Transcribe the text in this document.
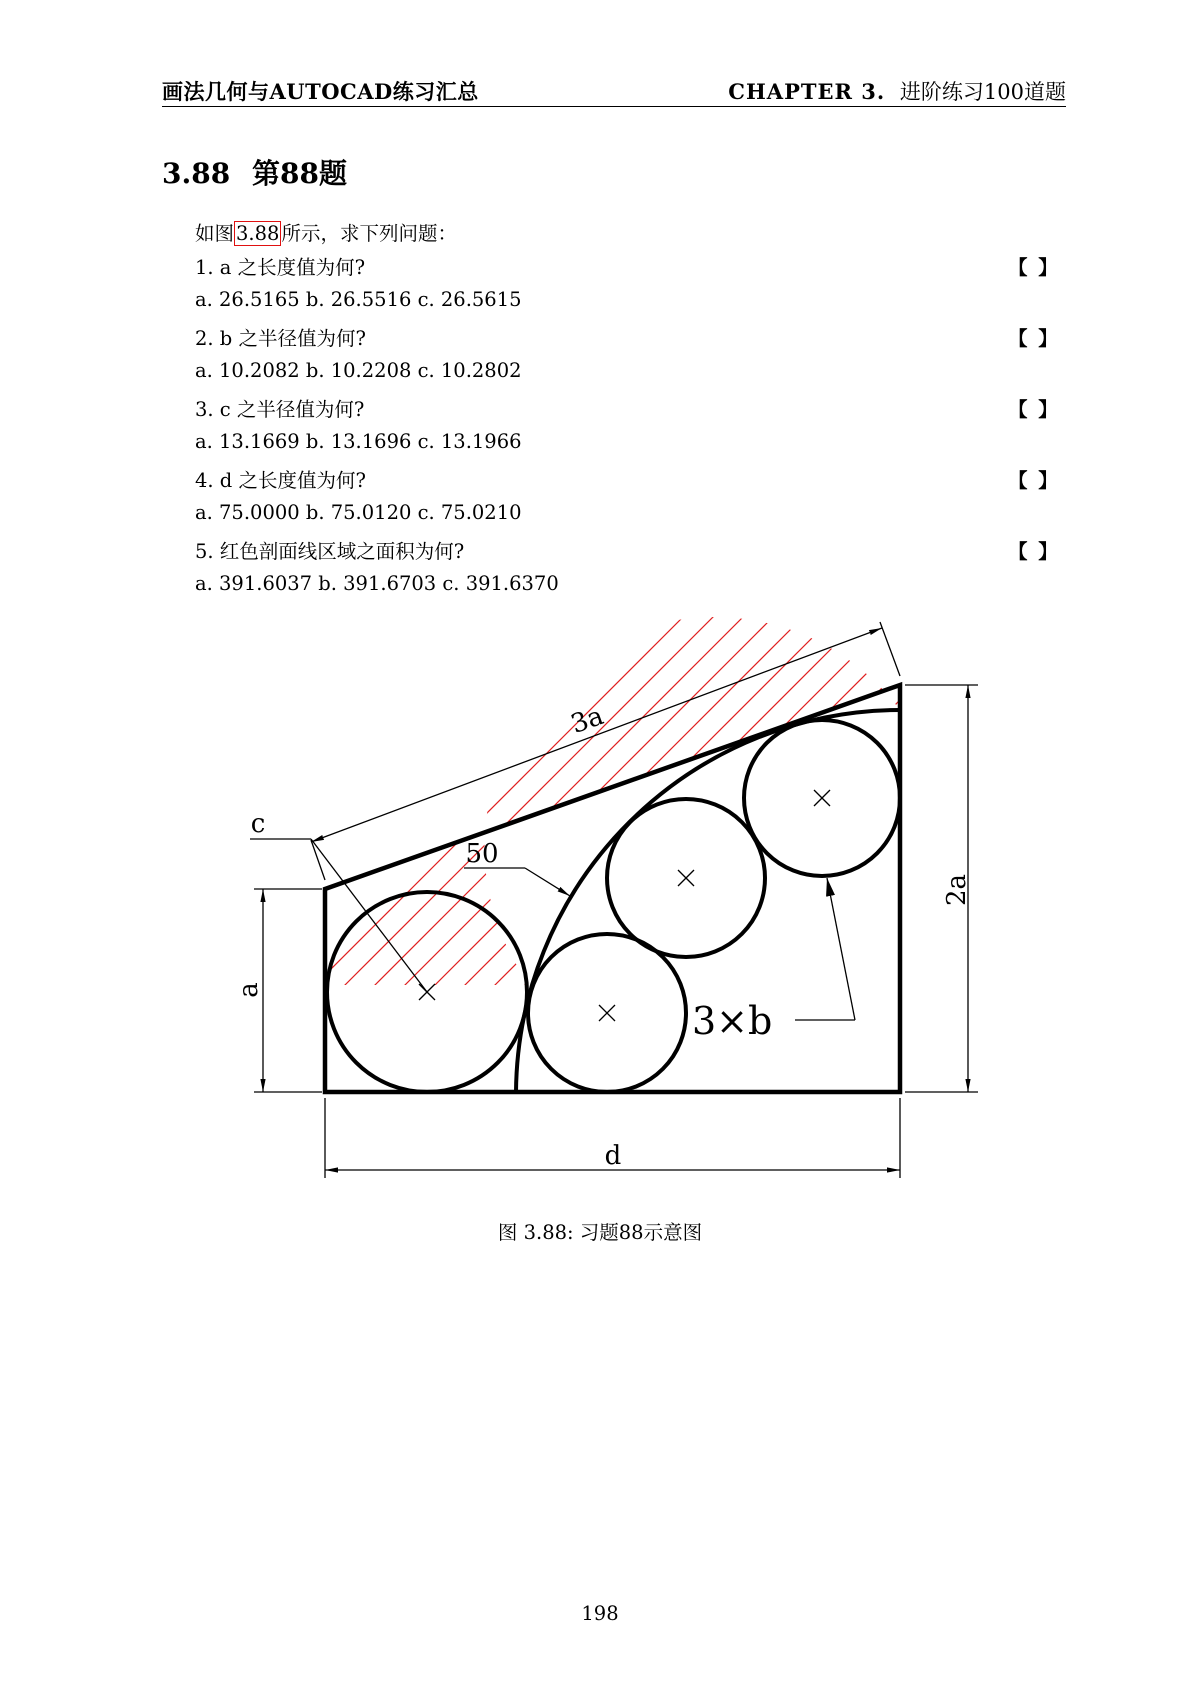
画法几何与AUTOCAD练习汇总	CHAPTER 3. 进阶练习100道题
3.88 第88题
如图 3.88 所示，求下列问题：
1. a 之长度值为何?	【 】
a. 26.5165 b. 26.5516 c. 26.5615
2. b 之半径值为何?	【 】
a. 10.2082 b. 10.2208 c. 10.2802
3. c 之半径值为何?	【 】
a. 13.1669 b. 13.1696 c. 13.1966
4. d 之长度值为何?	【 】
a. 75.0000 b. 75.0120 c. 75.0210
5. 红色剖面线区域之面积为何?	【 】
a. 391.6037 b. 391.6703 c. 391.6370
3a
c
50
a
2a
d
3×b
图 3.88: 习题88示意图
198
